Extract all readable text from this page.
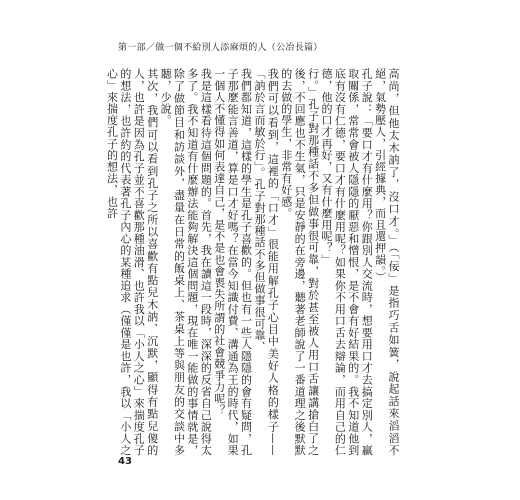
第一部／做一個不給別人添麻煩的人（公冶長篇）

高尚，但他太木訥了，沒口才。」（「佞」是指巧舌如簧，說起話來滔滔不絕，氣勢壓人，引經據典，而且還押韻。）

孔子說：「要口才有什麼用？你跟別人交流時，想要用口才去搞定別人，贏取關係，常常會被人隱隱的厭惡和憎恨，是不會有好結果的。我不知道他到底有沒有仁德，要口才有什麼用呢？如果你不用口舌去辯論，而用自己的仁德，他的口才再好，又有什麼用呢？」

行。」孔子對那種話不多但做事很可靠，對於甚至被人用口舌讓講搶白了之後，不回應也不生氣，只是安靜的在旁邊，聽著老師說了一番道理之後默默的去做的學生，非常有好感。

我們可以看到，這裡的「口才」很能用解孔子心目中美好人格的樣子——「訥於言而敏於行」。孔子對那種話不多但做事很可靠、

我們都知道，這樣的學生是孔子喜歡的。但也有一些人隱隱的會有疑問，孔子那麼能言善道，算是口才好嗎？在當今知識付費、溝通為王的時代，如果一個人不懂得如何表達自己，是不是也會喪失所謂的社會競爭力呢？

我是這樣看待這個問題的。首先，我在讀這一段時，深深的反省自己說得太多了。我不知道有什麼辦法能夠解決這個問題，現在唯一能做的事情就是，除了做節目和訪談外，盡量在日常的飯桌上、茶桌上等與朋友的交談中多聽，少說。

其次，我們可以看到孔子之所以喜歡有點兒木訥、沉默，顯得有點兒傻的人，也許是因為孔子並不喜歡那種油滑、也許我以「小人之心」來揣度孔子的想法，也許約的代表著孔子內心的某種追求（僅僅是也許，我以「小人之心」來揣度孔子的想法，也許

43
